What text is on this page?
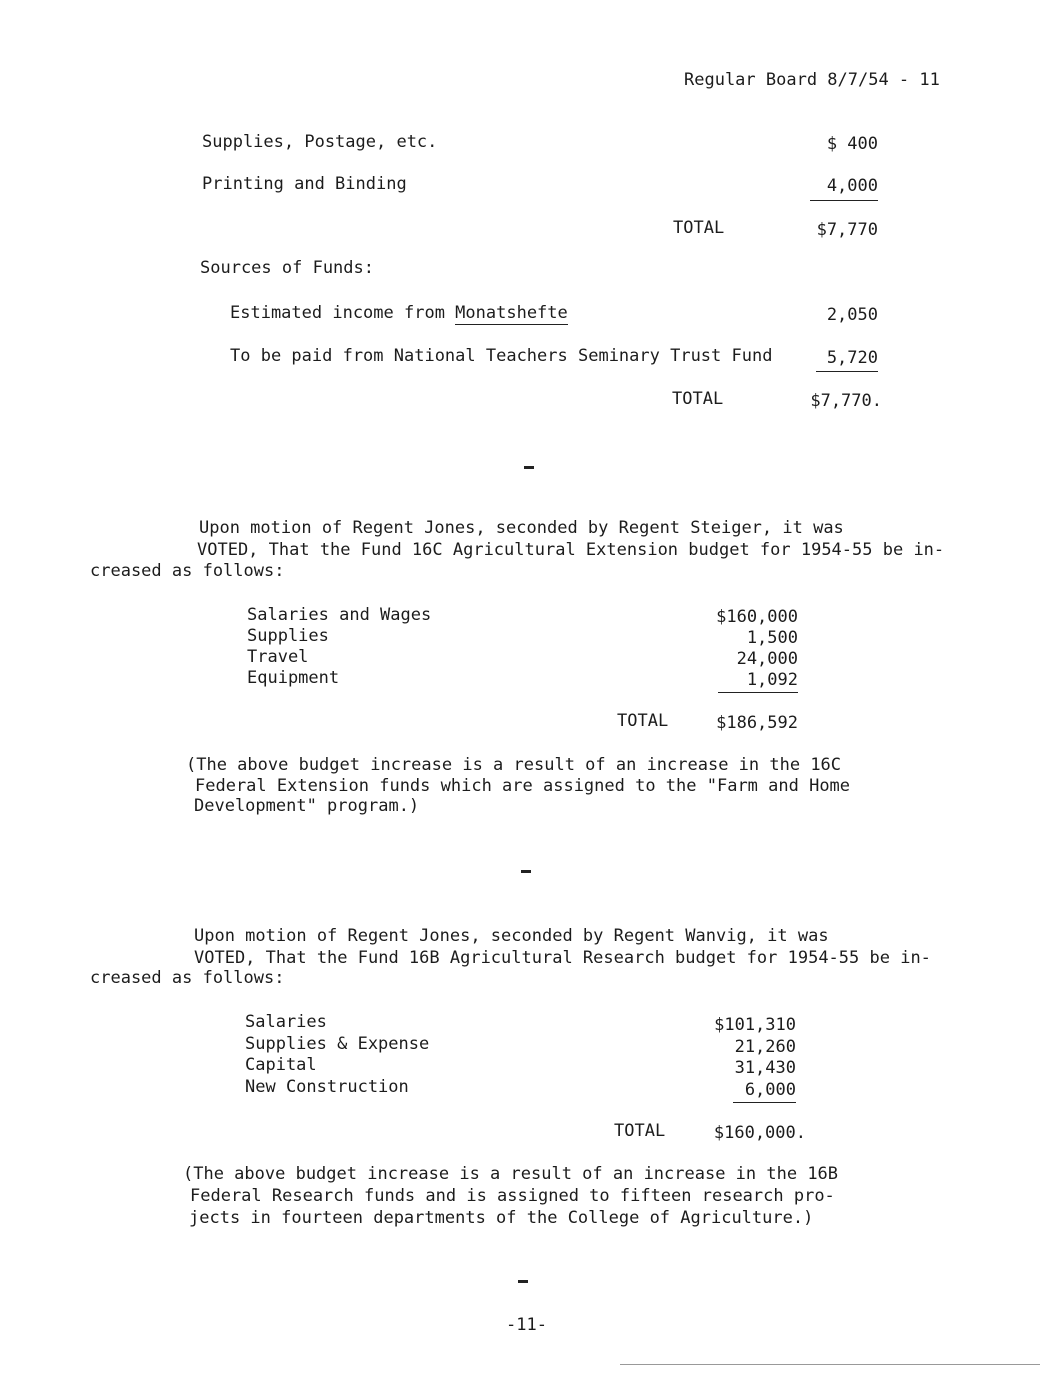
Regular Board 8/7/54 - 11
Supplies, Postage, etc.	$ 400
Printing and Binding	4,000
TOTAL	$7,770
Sources of Funds:
Estimated income from Monatshefte	2,050
To be paid from National Teachers Seminary Trust Fund	5,720
TOTAL	$7,770.
Upon motion of Regent Jones, seconded by Regent Steiger, it was
VOTED, That the Fund 16C Agricultural Extension budget for 1954-55 be in-
creased as follows:
Salaries and Wages	$160,000
Supplies	1,500
Travel	24,000
Equipment	1,092
TOTAL	$186,592
(The above budget increase is a result of an increase in the 16C
Federal Extension funds which are assigned to the "Farm and Home
Development" program.)
Upon motion of Regent Jones, seconded by Regent Wanvig, it was
VOTED, That the Fund 16B Agricultural Research budget for 1954-55 be in-
creased as follows:
Salaries	$101,310
Supplies & Expense	21,260
Capital	31,430
New Construction	6,000
TOTAL	$160,000.
(The above budget increase is a result of an increase in the 16B
Federal Research funds and is assigned to fifteen research pro-
jects in fourteen departments of the College of Agriculture.)
-11-
